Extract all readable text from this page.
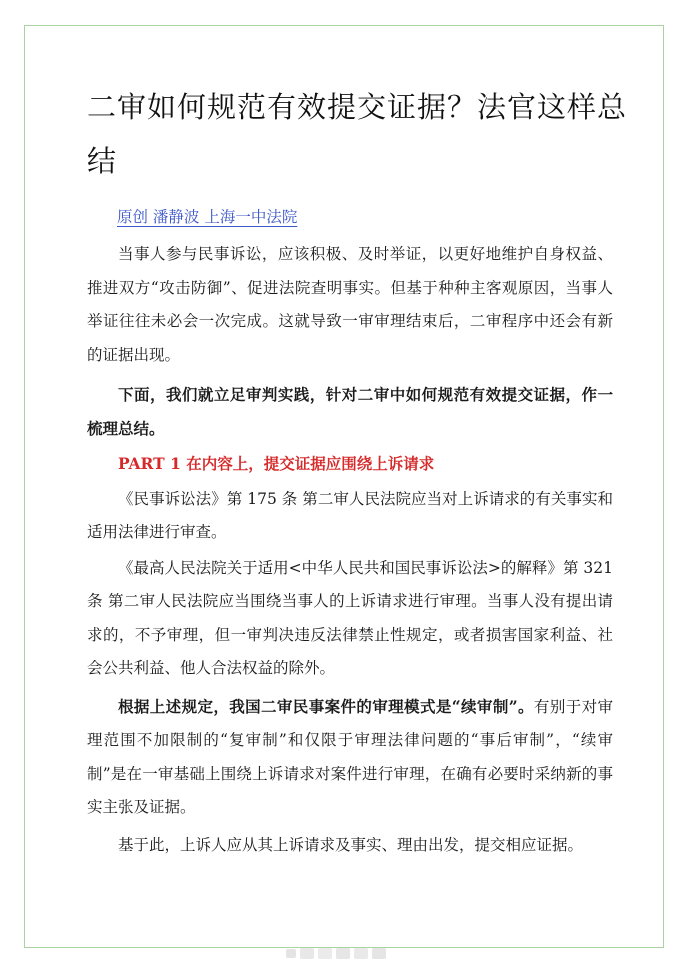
二审如何规范有效提交证据？法官这样总结
原创 潘静波 上海一中法院

当事人参与民事诉讼，应该积极、及时举证，以更好地维护自身权益、推进双方“攻击防御”、促进法院查明事实。但基于种种主客观原因，当事人举证往往未必会一次完成。这就导致一审审理结束后，二审程序中还会有新的证据出现。

下面，我们就立足审判实践，针对二审中如何规范有效提交证据，作一梳理总结。

PART 1 在内容上，提交证据应围绕上诉请求

《民事诉讼法》第 175 条 第二审人民法院应当对上诉请求的有关事实和适用法律进行审查。

《最高人民法院关于适用<中华人民共和国民事诉讼法>的解释》第 321 条 第二审人民法院应当围绕当事人的上诉请求进行审理。当事人没有提出请求的，不予审理，但一审判决违反法律禁止性规定，或者损害国家利益、社会公共利益、他人合法权益的除外。

根据上述规定，我国二审民事案件的审理模式是“续审制”。有别于对审理范围不加限制的“复审制”和仅限于审理法律问题的“事后审制”，“续审制”是在一审基础上围绕上诉请求对案件进行审理，在确有必要时采纳新的事实主张及证据。

基于此，上诉人应从其上诉请求及事实、理由出发，提交相应证据。
